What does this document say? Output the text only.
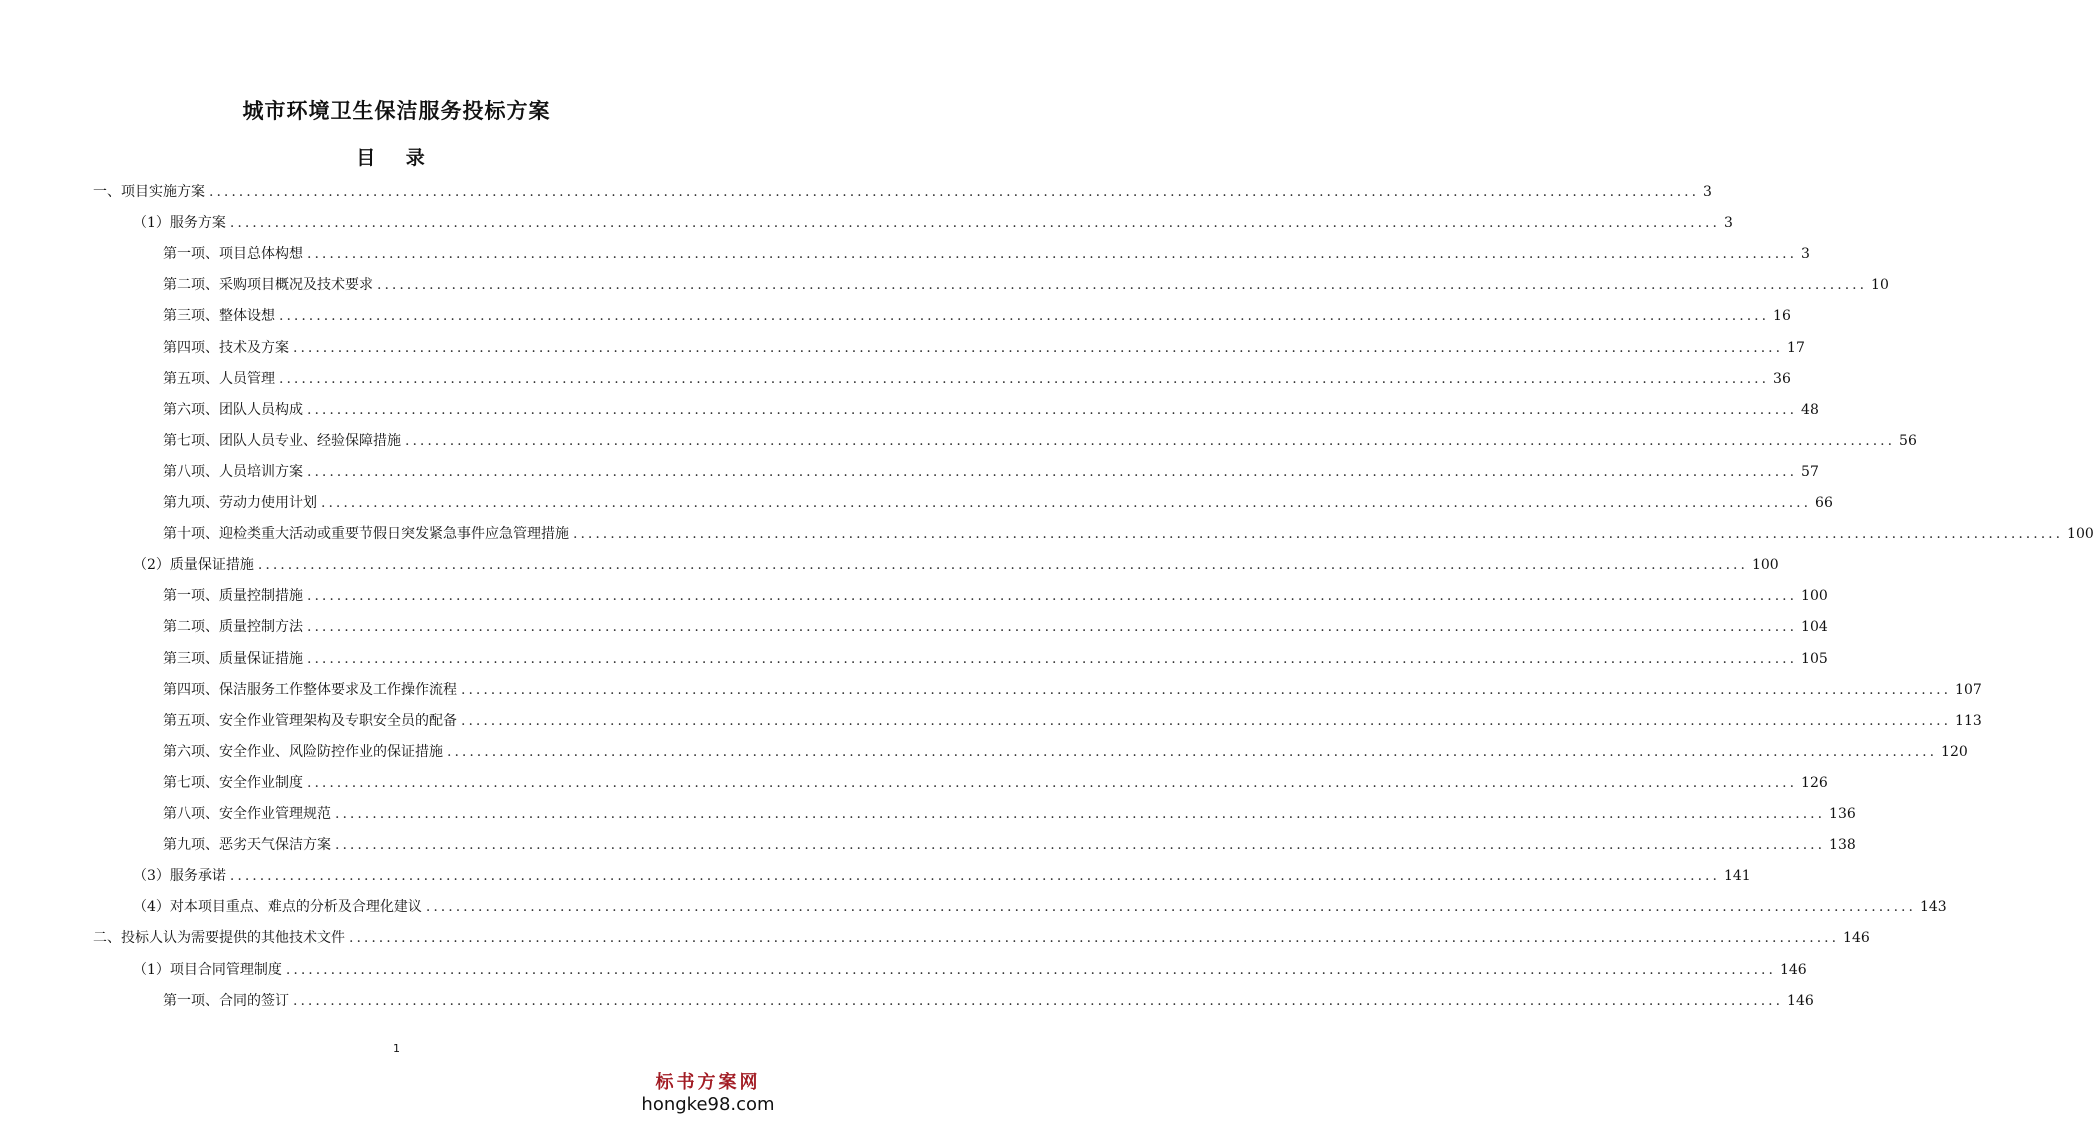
城市环境卫生保洁服务投标方案
目 录
一、项目实施方案 ........................................................................................................................................................................................................ 3
（1）服务方案 ........................................................................................................................................................................................................ 3
第一项、项目总体构想 ........................................................................................................................................................................................................ 3
第二项、采购项目概况及技术要求 ........................................................................................................................................................................................................ 10
第三项、整体设想 ........................................................................................................................................................................................................ 16
第四项、技术及方案 ........................................................................................................................................................................................................ 17
第五项、人员管理 ........................................................................................................................................................................................................ 36
第六项、团队人员构成 ........................................................................................................................................................................................................ 48
第七项、团队人员专业、经验保障措施 ........................................................................................................................................................................................................ 56
第八项、人员培训方案 ........................................................................................................................................................................................................ 57
第九项、劳动力使用计划 ........................................................................................................................................................................................................ 66
第十项、迎检类重大活动或重要节假日突发紧急事件应急管理措施 ........................................................................................................................................................................................................ 100
（2）质量保证措施 ........................................................................................................................................................................................................ 100
第一项、质量控制措施 ........................................................................................................................................................................................................ 100
第二项、质量控制方法 ........................................................................................................................................................................................................ 104
第三项、质量保证措施 ........................................................................................................................................................................................................ 105
第四项、保洁服务工作整体要求及工作操作流程 ........................................................................................................................................................................................................ 107
第五项、安全作业管理架构及专职安全员的配备 ........................................................................................................................................................................................................ 113
第六项、安全作业、风险防控作业的保证措施 ........................................................................................................................................................................................................ 120
第七项、安全作业制度 ........................................................................................................................................................................................................ 126
第八项、安全作业管理规范 ........................................................................................................................................................................................................ 136
第九项、恶劣天气保洁方案 ........................................................................................................................................................................................................ 138
（3）服务承诺 ........................................................................................................................................................................................................ 141
（4）对本项目重点、难点的分析及合理化建议 ........................................................................................................................................................................................................ 143
二、投标人认为需要提供的其他技术文件 ........................................................................................................................................................................................................ 146
（1）项目合同管理制度 ........................................................................................................................................................................................................ 146
第一项、合同的签订 ........................................................................................................................................................................................................ 146
1
标书方案网
hongke98.com
